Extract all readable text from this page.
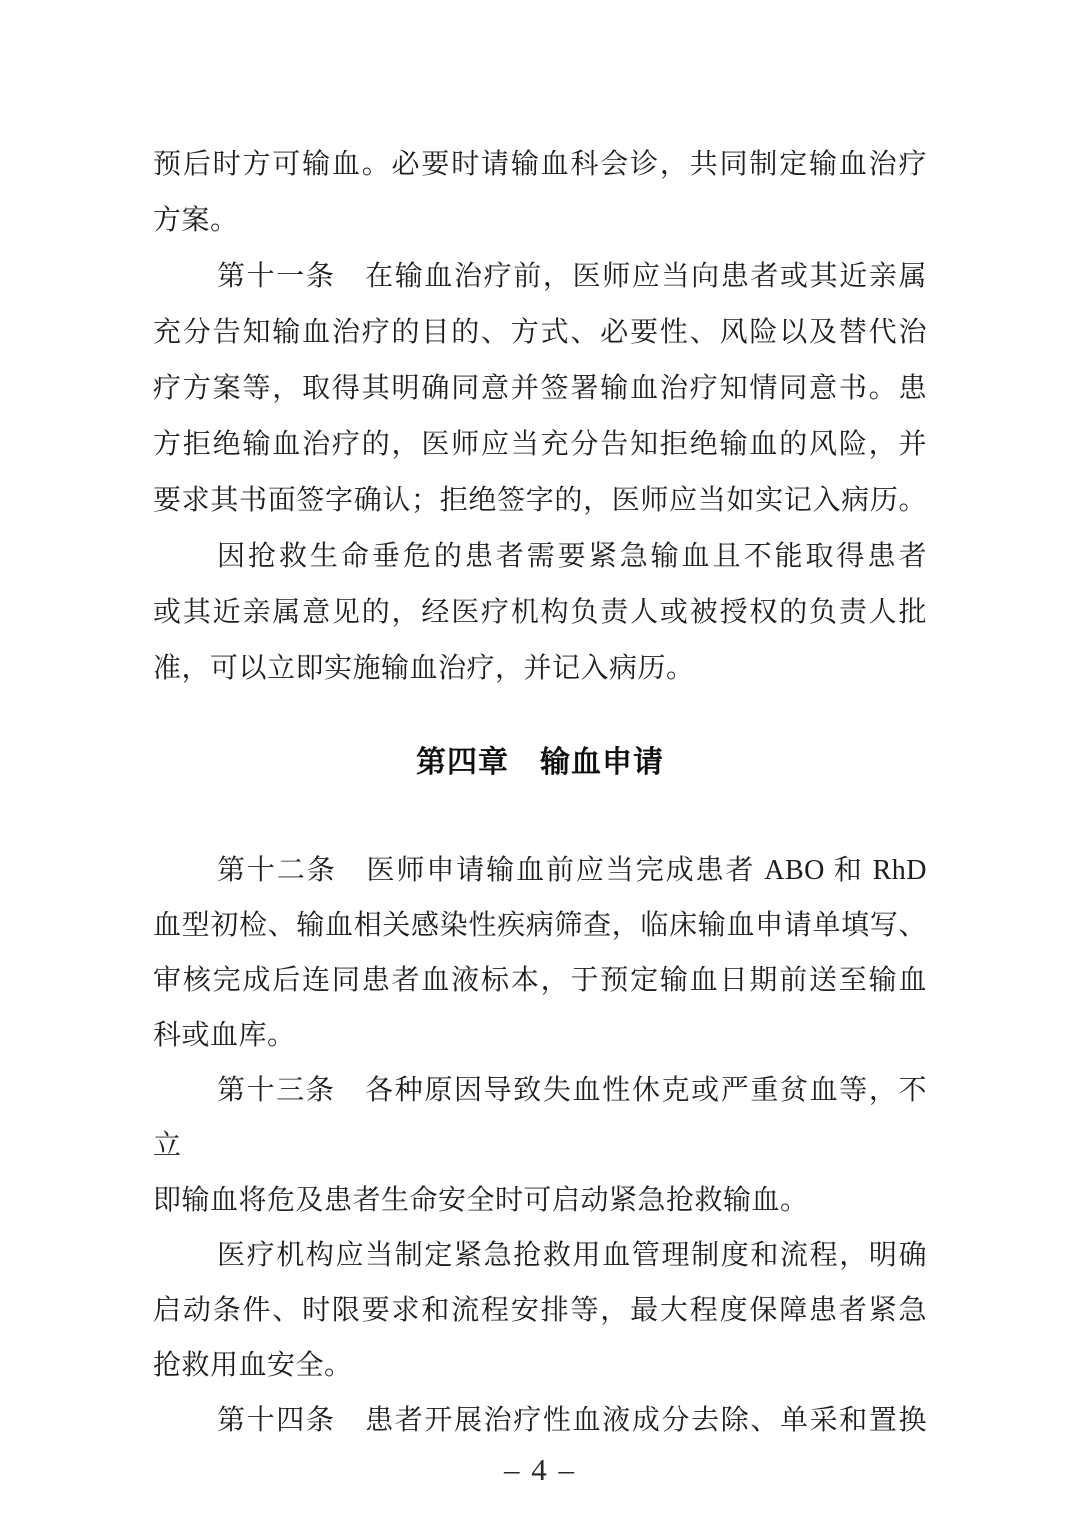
预后时方可输血。必要时请输血科会诊，共同制定输血治疗
方案。
第十一条　在输血治疗前，医师应当向患者或其近亲属
充分告知输血治疗的目的、方式、必要性、风险以及替代治
疗方案等，取得其明确同意并签署输血治疗知情同意书。患
方拒绝输血治疗的，医师应当充分告知拒绝输血的风险，并
要求其书面签字确认；拒绝签字的，医师应当如实记入病历。
因抢救生命垂危的患者需要紧急输血且不能取得患者
或其近亲属意见的，经医疗机构负责人或被授权的负责人批
准，可以立即实施输血治疗，并记入病历。
第四章　输血申请
第十二条　医师申请输血前应当完成患者 ABO 和 RhD
血型初检、输血相关感染性疾病筛查，临床输血申请单填写、
审核完成后连同患者血液标本，于预定输血日期前送至输血
科或血库。
第十三条　各种原因导致失血性休克或严重贫血等，不立
即输血将危及患者生命安全时可启动紧急抢救输血。
医疗机构应当制定紧急抢救用血管理制度和流程，明确
启动条件、时限要求和流程安排等，最大程度保障患者紧急
抢救用血安全。
第十四条　患者开展治疗性血液成分去除、单采和置换
– 4 –
